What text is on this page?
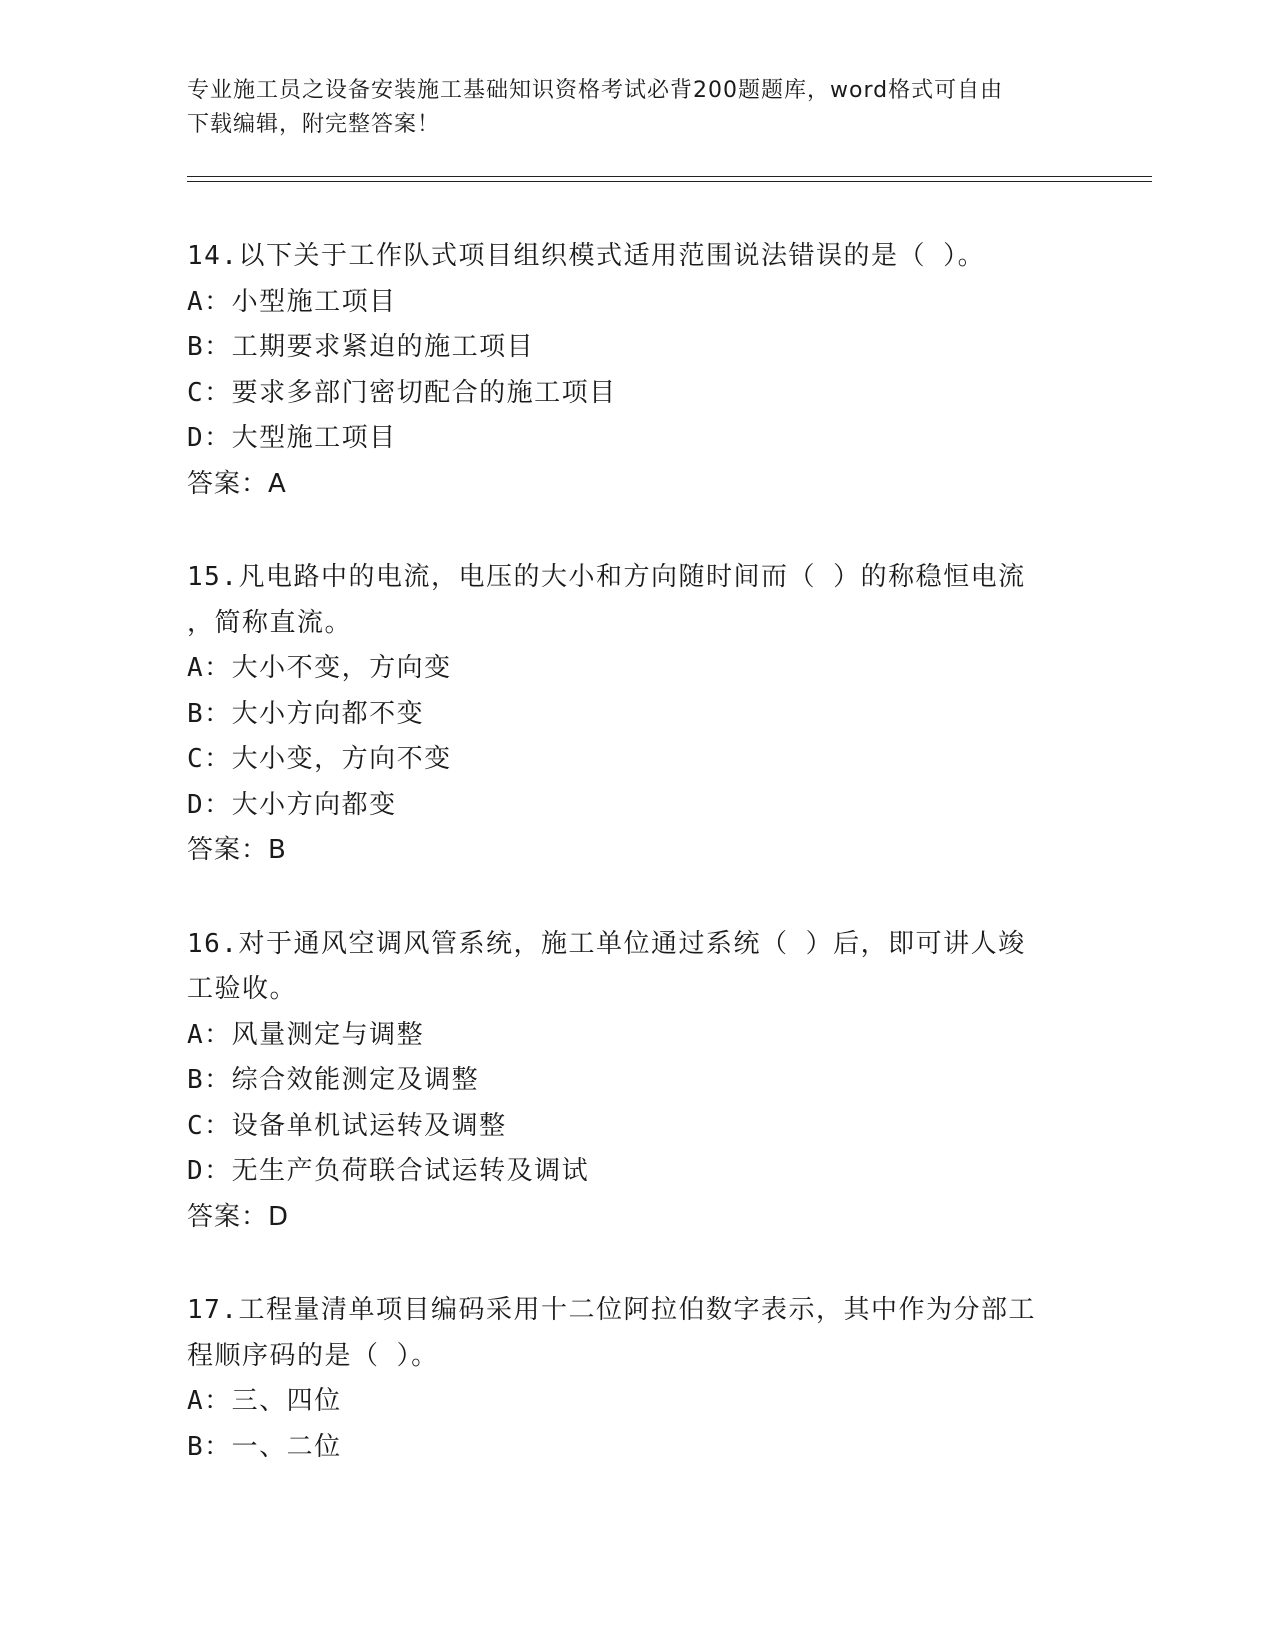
专业施工员之设备安装施工基础知识资格考试必背200题题库，word格式可自由
下载编辑，附完整答案！
14.以下关于工作队式项目组织模式适用范围说法错误的是（ ）。
A：小型施工项目
B：工期要求紧迫的施工项目
C：要求多部门密切配合的施工项目
D：大型施工项目
答案：A
15.凡电路中的电流，电压的大小和方向随时间而（ ）的称稳恒电流
，简称直流。
A：大小不变，方向变
B：大小方向都不变
C：大小变，方向不变
D：大小方向都变
答案：B
16.对于通风空调风管系统，施工单位通过系统（ ）后，即可讲人竣
工验收。
A：风量测定与调整
B：综合效能测定及调整
C：设备单机试运转及调整
D：无生产负荷联合试运转及调试
答案：D
17.工程量清单项目编码采用十二位阿拉伯数字表示，其中作为分部工
程顺序码的是（ ）。
A：三、四位
B：一、二位
